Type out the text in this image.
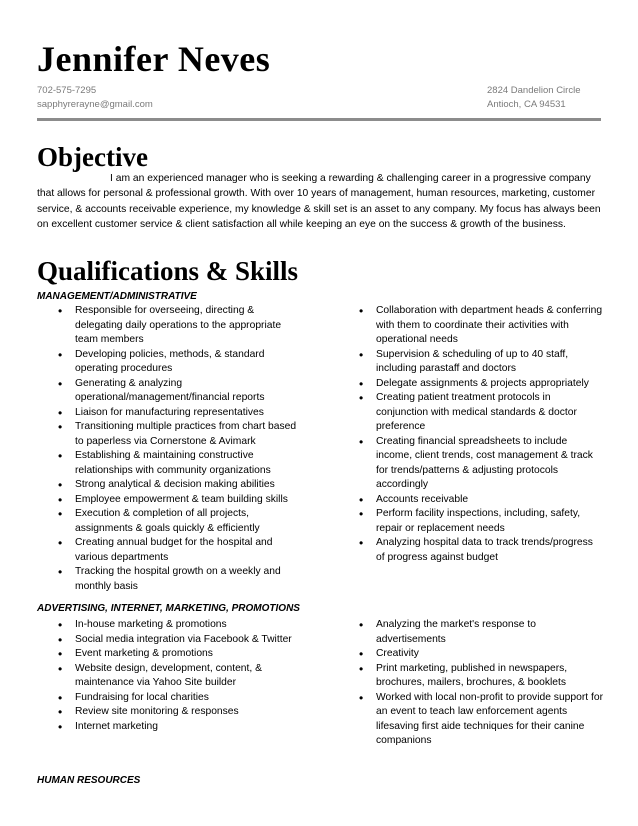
Jennifer Neves
702-575-7295
sapphyrerayne@gmail.com
2824 Dandelion Circle
Antioch, CA 94531
Objective

I am an experienced manager who is seeking a rewarding & challenging career in a progressive company that allows for personal & professional growth. With over 10 years of management, human resources, marketing, customer service, & accounts receivable experience, my knowledge & skill set is an asset to any company. My focus has always been on excellent customer service & client satisfaction all while keeping an eye on the success & growth of the business.

Qualifications & Skills
MANAGEMENT/ADMINISTRATIVE
• Responsible for overseeing, directing & delegating daily operations to the appropriate team members
• Developing policies, methods, & standard operating procedures
• Generating & analyzing operational/management/financial reports
• Liaison for manufacturing representatives
• Transitioning multiple practices from chart based to paperless via Cornerstone & Avimark
• Establishing & maintaining constructive relationships with community organizations
• Strong analytical & decision making abilities
• Employee empowerment & team building skills
• Execution & completion of all projects, assignments & goals quickly & efficiently
• Creating annual budget for the hospital and various departments
• Tracking the hospital growth on a weekly and monthly basis
• Collaboration with department heads & conferring with them to coordinate their activities with operational needs
• Supervision & scheduling of up to 40 staff, including parastaff and doctors
• Delegate assignments & projects appropriately
• Creating patient treatment protocols in conjunction with medical standards & doctor preference
• Creating financial spreadsheets to include income, client trends, cost management & track for trends/patterns & adjusting protocols accordingly
• Accounts receivable
• Perform facility inspections, including, safety, repair or replacement needs
• Analyzing hospital data to track trends/progress of progress against budget
ADVERTISING, INTERNET, MARKETING, PROMOTIONS
• In-house marketing & promotions
• Social media integration via Facebook & Twitter
• Event marketing & promotions
• Website design, development, content, & maintenance via Yahoo Site builder
• Fundraising for local charities
• Review site monitoring & responses
• Internet marketing
• Analyzing the market's response to advertisements
• Creativity
• Print marketing, published in newspapers, brochures, mailers, brochures, & booklets
• Worked with local non-profit to provide support for an event to teach law enforcement agents lifesaving first aide techniques for their canine companions
HUMAN RESOURCES
